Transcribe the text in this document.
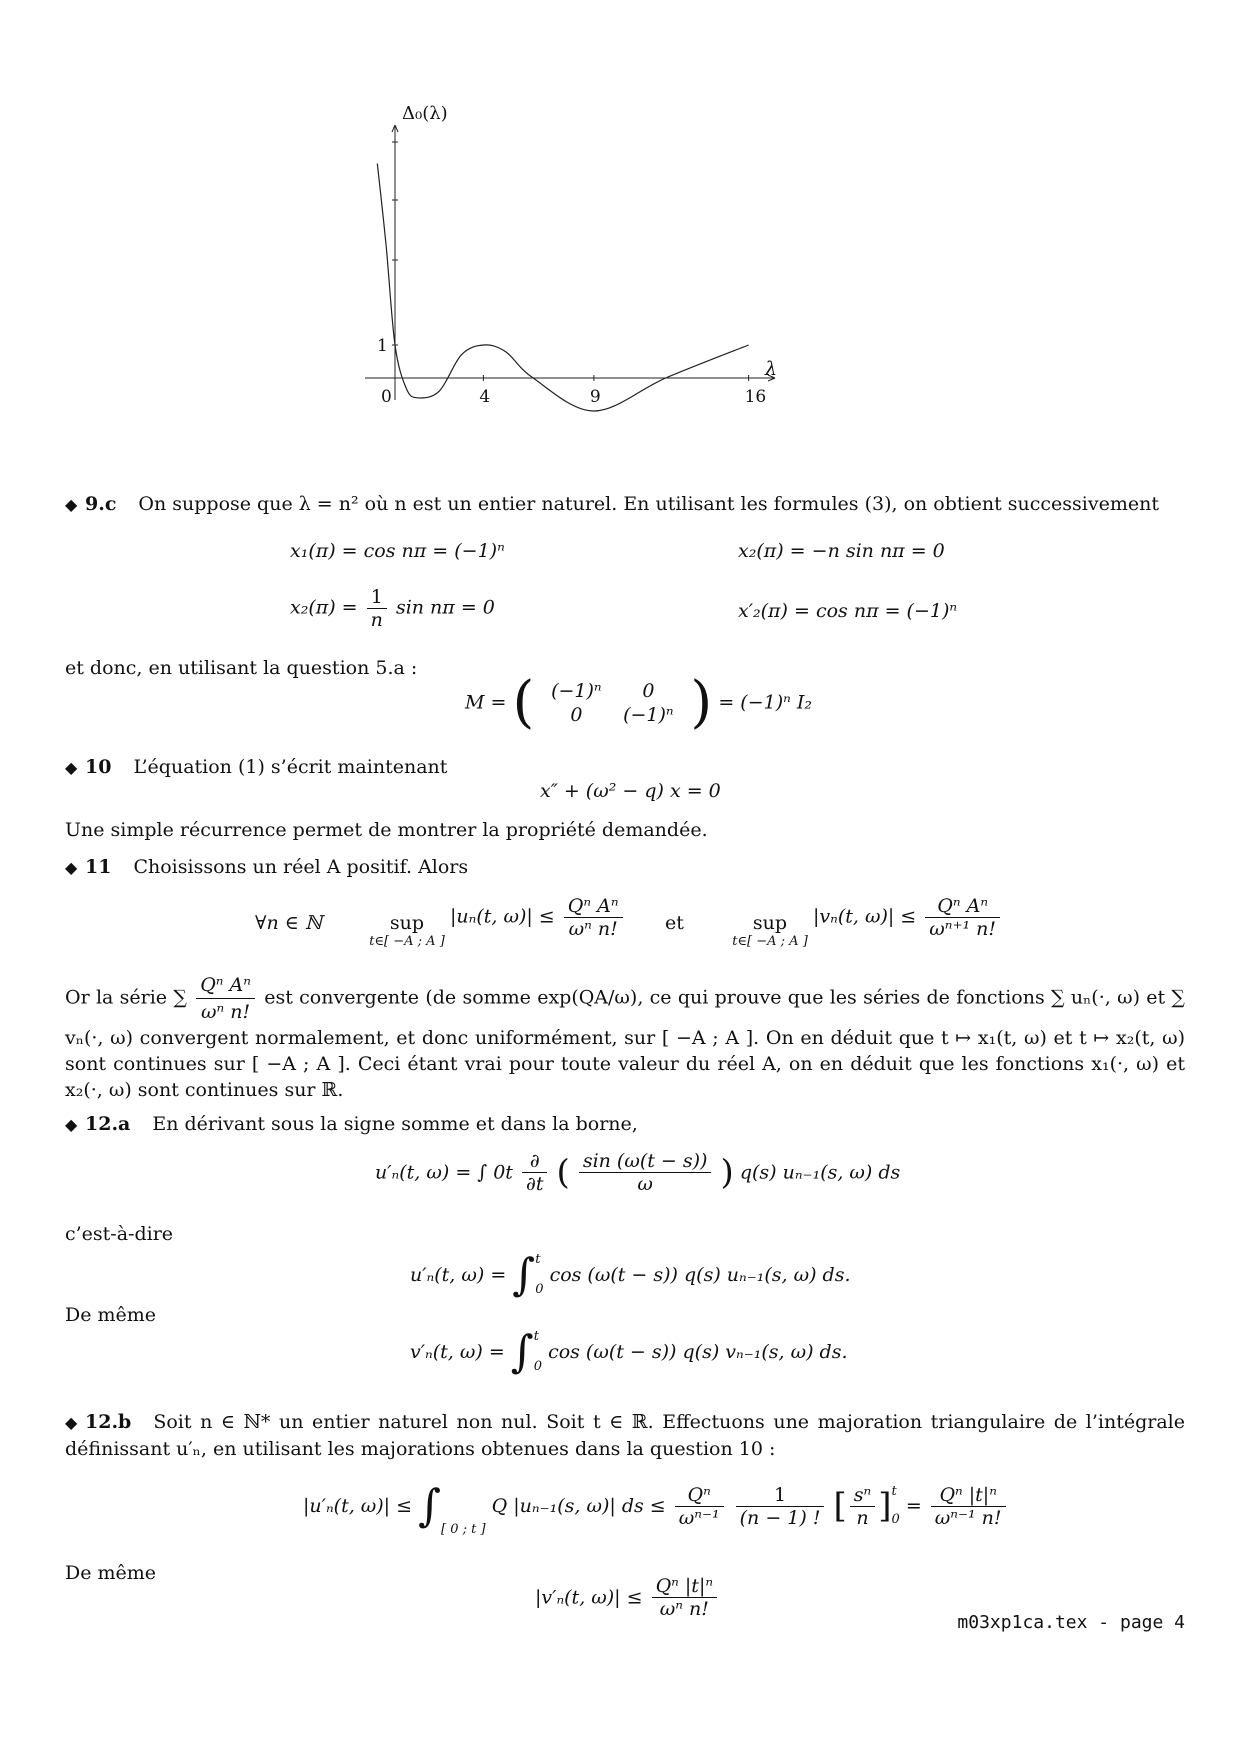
0	4	9	16
1
λ
Δ₀(λ)
◆ 9.c On suppose que λ = n² où n est un entier naturel. En utilisant les formules (3), on obtient successivement
x₁(π) = cos nπ = (−1)ⁿ	x₂(π) = −n sin nπ = 0
$x_2(\pi) = \frac{1}{n}$ sin nπ = 0	x′₂(π) = cos nπ = (−1)ⁿ
et donc, en utilisant la question 5.a :
M = ( (−1)ⁿ	0
0	(−1)ⁿ ) = (−1)ⁿ I₂
◆ 10 L’équation (1) s’écrit maintenant
x″ + (ω² − q) x = 0
Une simple récurrence permet de montrer la propriété demandée.
◆ 11 Choisissons un réel A positif. Alors
∀n ∈ ℕ	sup
t∈[ −A ; A ]
|uₙ(t, $\omega)| \le \frac{\text{Qⁿ Aⁿ}}{\text{ωⁿ n!}}$ et	sup
t∈[ −A ; A ]
|vₙ(t, $\omega)| \le \frac{\text{Qⁿ Aⁿ}}{\text{ωⁿ⁺¹ n!}}$
Or la série ∑ $\frac{\text{Qⁿ Aⁿ}}{\text{ωⁿ n!}}$ est convergente (de somme exp(QA/ω), ce qui prouve que les séries de fonctions ∑ uₙ(·, ω) et ∑ vₙ(·, ω) convergent normalement, et donc uniformément, sur [ −A ; A ]. On en déduit que t ↦ x₁(t, ω) et t ↦ x₂(t, ω) sont continues sur [ −A ; A ]. Ceci étant vrai pour toute valeur du réel A, on en déduit que les fonctions x₁(·, ω) et x₂(·, ω) sont continues sur ℝ.
◆ 12.a En dérivant sous la signe somme et dans la borne,
u′ₙ(t, ω) = ∫ $0t \frac{\partial}{\partial t}$ ( $\frac{\sin (\omega(t - s))}{\omega}$ ) q(s) uₙ₋₁(s, ω) ds
c’est-à-dire
u′ₙ(t, ω) = ∫ t
0
cos (ω(t − s)) q(s) uₙ₋₁(s, ω) ds.
De même
v′ₙ(t, ω) = ∫ t
0
cos (ω(t − s)) q(s) vₙ₋₁(s, ω) ds.
◆ 12.b Soit n ∈ ℕ* un entier naturel non nul. Soit t ∈ ℝ. Effectuons une majoration triangulaire de l’intégrale définissant u′ₙ, en utilisant les majorations obtenues dans la question 10 :
|u′ₙ(t, $\omega)| \le \int_{[ 0 ; t ]}$ Q |uₙ₋₁(s, ω)| ds ≤ $\frac{\text{Qⁿ}}{\text{ωⁿ⁻¹}}$
$\frac{1}{(n - 1) !}$ [ $\frac{\text{sⁿ}}{n}$ ] t
0
= $\frac{\text{Qⁿ |t|ⁿ}}{\text{ωⁿ⁻¹ n!}}$
De même
|v′ₙ(t, $\omega)| \le \frac{\text{Qⁿ |t|ⁿ}}{\text{ωⁿ n!}}$
m03xp1ca.tex - page 4
